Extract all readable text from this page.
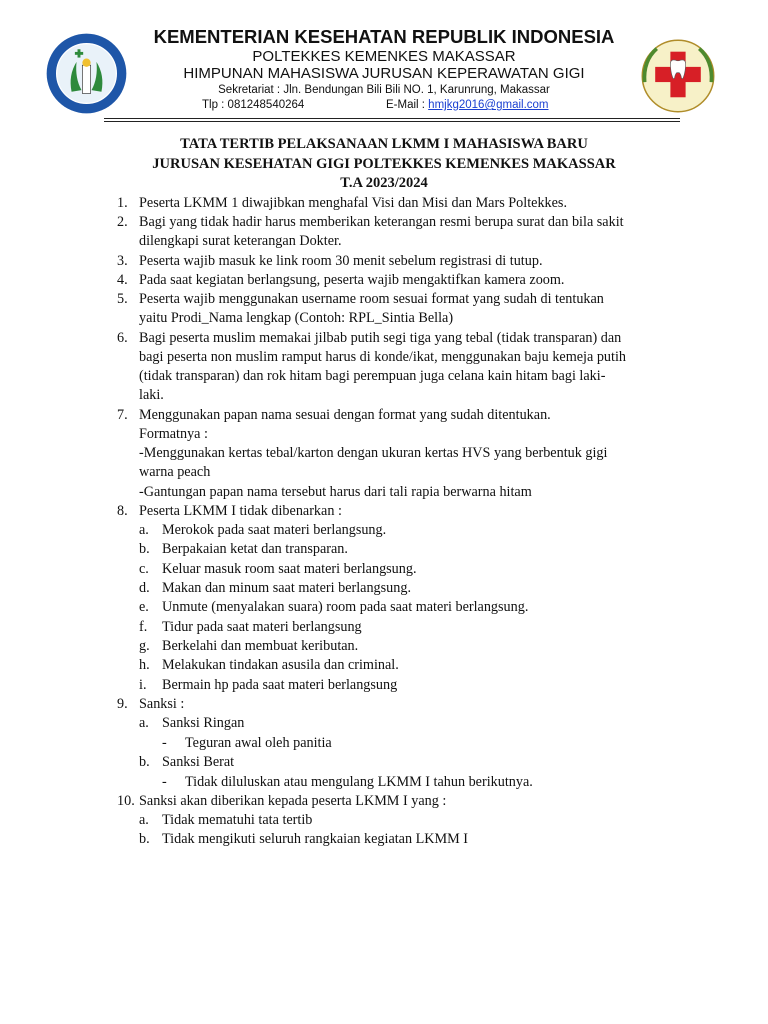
KEMENTERIAN KESEHATAN REPUBLIK INDONESIA
POLTEKKES KEMENKES MAKASSAR
HIMPUNAN MAHASISWA JURUSAN KEPERAWATAN GIGI
Sekretariat : Jln. Bendungan Bili Bili NO. 1, Karunrung, Makassar
Tlp : 081248540264	E-Mail : hmjkg2016@gmail.com
TATA TERTIB PELAKSANAAN LKMM I MAHASISWA BARU
JURUSAN KESEHATAN GIGI POLTEKKES KEMENKES MAKASSAR
T.A 2023/2024
1. Peserta LKMM 1 diwajibkan menghafal Visi dan Misi dan Mars Poltekkes.
2. Bagi yang tidak hadir harus memberikan keterangan resmi berupa surat dan bila sakit
dilengkapi surat keterangan Dokter.
3. Peserta wajib masuk ke link room 30 menit sebelum registrasi di tutup.
4. Pada saat kegiatan berlangsung, peserta wajib mengaktifkan kamera zoom.
5. Peserta wajib menggunakan username room sesuai format yang sudah di tentukan
yaitu Prodi_Nama lengkap (Contoh: RPL_Sintia Bella)
6. Bagi peserta muslim memakai jilbab putih segi tiga yang tebal (tidak transparan) dan
bagi peserta non muslim ramput harus di konde/ikat, menggunakan baju kemeja putih
(tidak transparan) dan rok hitam bagi perempuan juga celana kain hitam bagi laki-
laki.
7. Menggunakan papan nama sesuai dengan format yang sudah ditentukan.
Formatnya :
-Menggunakan kertas tebal/karton dengan ukuran kertas HVS yang berbentuk gigi
warna peach
-Gantungan papan nama tersebut harus dari tali rapia berwarna hitam
8. Peserta LKMM I tidak dibenarkan :
a. Merokok pada saat materi berlangsung.
b. Berpakaian ketat dan transparan.
c. Keluar masuk room saat materi berlangsung.
d. Makan dan minum saat materi berlangsung.
e. Unmute (menyalakan suara) room pada saat materi berlangsung.
f. Tidur pada saat materi berlangsung
g. Berkelahi dan membuat keributan.
h. Melakukan tindakan asusila dan criminal.
i. Bermain hp pada saat materi berlangsung
9. Sanksi :
a. Sanksi Ringan
- Teguran awal oleh panitia
b. Sanksi Berat
- Tidak diluluskan atau mengulang LKMM I tahun berikutnya.
10. Sanksi akan diberikan kepada peserta LKMM I yang :
a. Tidak mematuhi tata tertib
b. Tidak mengikuti seluruh rangkaian kegiatan LKMM I
